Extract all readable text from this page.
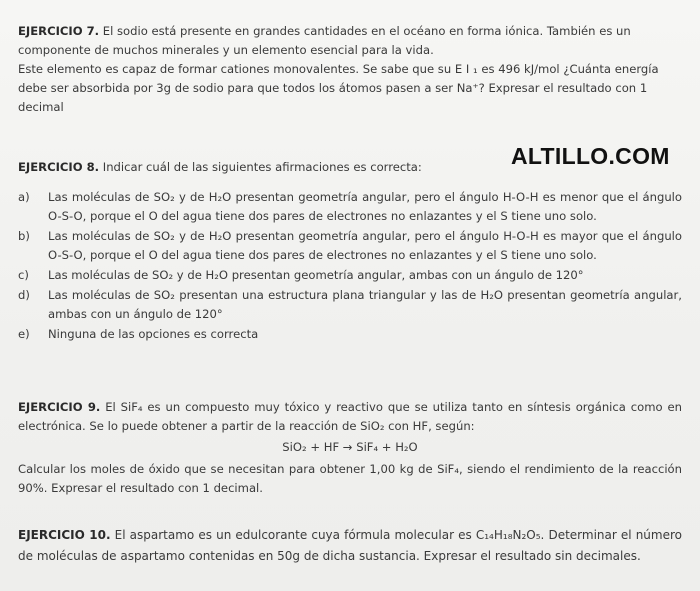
EJERCICIO 7. El sodio está presente en grandes cantidades en el océano en forma iónica. También es un
componente de muchos minerales y un elemento esencial para la vida.
Este elemento es capaz de formar cationes monovalentes. Se sabe que su E I ₁ es 496 kJ/mol ¿Cuánta energía
debe ser absorbida por 3g de sodio para que todos los átomos pasen a ser Na⁺? Expresar el resultado con 1
decimal
ALTILLO.COM
EJERCICIO 8. Indicar cuál de las siguientes afirmaciones es correcta:
a)	Las moléculas de SO₂ y de H₂O presentan geometría angular, pero el ángulo H-O-H es menor que el ángulo O-S-O, porque el O del agua tiene dos pares de electrones no enlazantes y el S tiene uno solo.
b)	Las moléculas de SO₂ y de H₂O presentan geometría angular, pero el ángulo H-O-H es mayor que el ángulo O-S-O, porque el O del agua tiene dos pares de electrones no enlazantes y el S tiene uno solo.
c)	Las moléculas de SO₂ y de H₂O presentan geometría angular, ambas con un ángulo de 120°
d)	Las moléculas de SO₂ presentan una estructura plana triangular y las de H₂O presentan geometría angular, ambas con un ángulo de 120°
e)	Ninguna de las opciones es correcta
EJERCICIO 9. El SiF₄ es un compuesto muy tóxico y reactivo que se utiliza tanto en síntesis orgánica como en electrónica. Se lo puede obtener a partir de la reacción de SiO₂ con HF, según:
SiO₂ + HF → SiF₄ + H₂O
Calcular los moles de óxido que se necesitan para obtener 1,00 kg de SiF₄, siendo el rendimiento de la reacción 90%. Expresar el resultado con 1 decimal.
EJERCICIO 10. El aspartamo es un edulcorante cuya fórmula molecular es C₁₄H₁₈N₂O₅. Determinar el número de moléculas de aspartamo contenidas en 50g de dicha sustancia. Expresar el resultado sin decimales.
